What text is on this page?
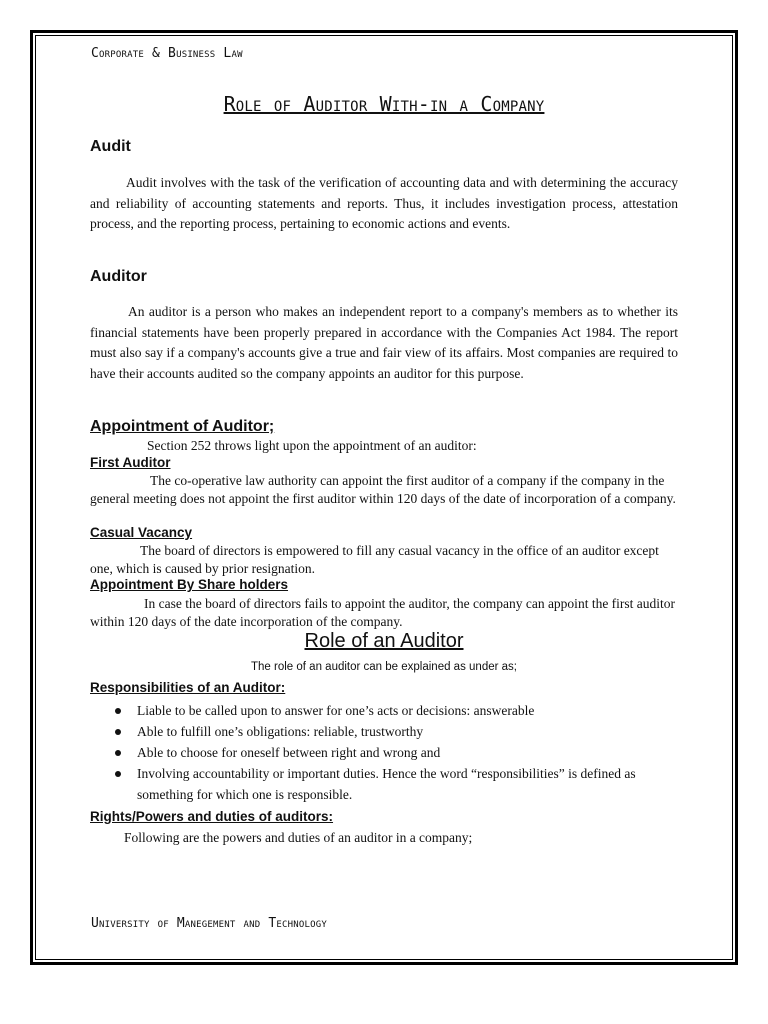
Corporate & Business Law
Role of Auditor With-in a Company
Audit
Audit involves with the task of the verification of accounting data and with determining the accuracy and reliability of accounting statements and reports. Thus, it includes investigation process, attestation process, and the reporting process, pertaining to economic actions and events.
Auditor
An auditor is a person who makes an independent report to a company's members as to whether its financial statements have been properly prepared in accordance with the Companies Act 1984. The report must also say if a company's accounts give a true and fair view of its affairs. Most companies are required to have their accounts audited so the company appoints an auditor for this purpose.
Appointment of Auditor;
Section 252 throws light upon the appointment of an auditor:
First Auditor
The co-operative law authority can appoint the first auditor of a company if the company in the general meeting does not appoint the first auditor within 120 days of the date of incorporation of a company.
Casual Vacancy
The board of directors is empowered to fill any casual vacancy in the office of an auditor except one, which is caused by prior resignation.
Appointment By Share holders
In case the board of directors fails to appoint the auditor, the company can appoint the first auditor within 120 days of the date incorporation of the company.
Role of an Auditor
The role of an auditor can be explained as under as;
Responsibilities of an Auditor:
Liable to be called upon to answer for one’s acts or decisions: answerable
Able to fulfill one’s obligations: reliable, trustworthy
Able to choose for oneself between right and wrong and
Involving accountability or important duties. Hence the word “responsibilities” is defined as something for which one is responsible.
Rights/Powers and duties of auditors:
Following are the powers and duties of an auditor in a company;
University of Manegement and Technology
